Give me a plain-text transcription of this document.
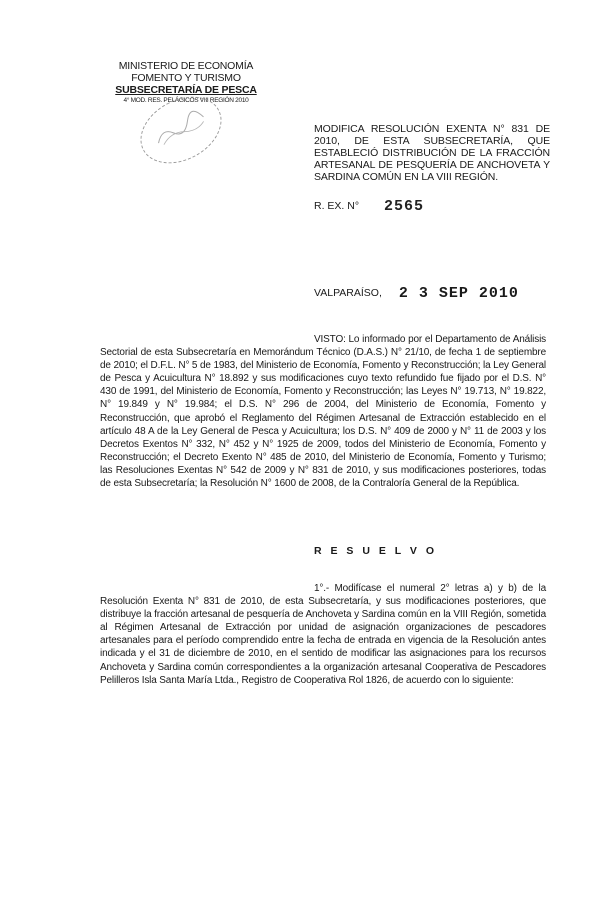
MINISTERIO DE ECONOMÍA
FOMENTO Y TURISMO
SUBSECRETARÍA DE PESCA
4° MOD. RES. PELÁGICOS VIII REGIÓN 2010
MODIFICA RESOLUCIÓN EXENTA N° 831 DE 2010, DE ESTA SUBSECRETARÍA, QUE ESTABLECIÓ DISTRIBUCIÓN DE LA FRACCIÓN ARTESANAL DE PESQUERÍA DE ANCHOVETA Y SARDINA COMÚN EN LA VIII REGIÓN.
R. EX. N° 2565
VALPARAÍSO, 2 3 SEP 2010
VISTO: Lo informado por el Departamento de Análisis Sectorial de esta Subsecretaría en Memorándum Técnico (D.A.S.) N° 21/10, de fecha 1 de septiembre de 2010; el D.F.L. N° 5 de 1983, del Ministerio de Economía, Fomento y Reconstrucción; la Ley General de Pesca y Acuicultura N° 18.892 y sus modificaciones cuyo texto refundido fue fijado por el D.S. N° 430 de 1991, del Ministerio de Economía, Fomento y Reconstrucción; las Leyes N° 19.713, N° 19.822, N° 19.849 y N° 19.984; el D.S. N° 296 de 2004, del Ministerio de Economía, Fomento y Reconstrucción, que aprobó el Reglamento del Régimen Artesanal de Extracción establecido en el artículo 48 A de la Ley General de Pesca y Acuicultura; los D.S. N° 409 de 2000 y N° 11 de 2003 y los Decretos Exentos N° 332, N° 452 y N° 1925 de 2009, todos del Ministerio de Economía, Fomento y Reconstrucción; el Decreto Exento N° 485 de 2010, del Ministerio de Economía, Fomento y Turismo; las Resoluciones Exentas N° 542 de 2009 y N° 831 de 2010, y sus modificaciones posteriores, todas de esta Subsecretaría; la Resolución N° 1600 de 2008, de la Contraloría General de la República.
R E S U E L V O
1°.- Modifícase el numeral 2° letras a) y b) de la Resolución Exenta N° 831 de 2010, de esta Subsecretaría, y sus modificaciones posteriores, que distribuye la fracción artesanal de pesquería de Anchoveta y Sardina común en la VIII Región, sometida al Régimen Artesanal de Extracción por unidad de asignación organizaciones de pescadores artesanales para el período comprendido entre la fecha de entrada en vigencia de la Resolución antes indicada y el 31 de diciembre de 2010, en el sentido de modificar las asignaciones para los recursos Anchoveta y Sardina común correspondientes a la organización artesanal Cooperativa de Pescadores Pelilleros Isla Santa María Ltda., Registro de Cooperativa Rol 1826, de acuerdo con lo siguiente:
